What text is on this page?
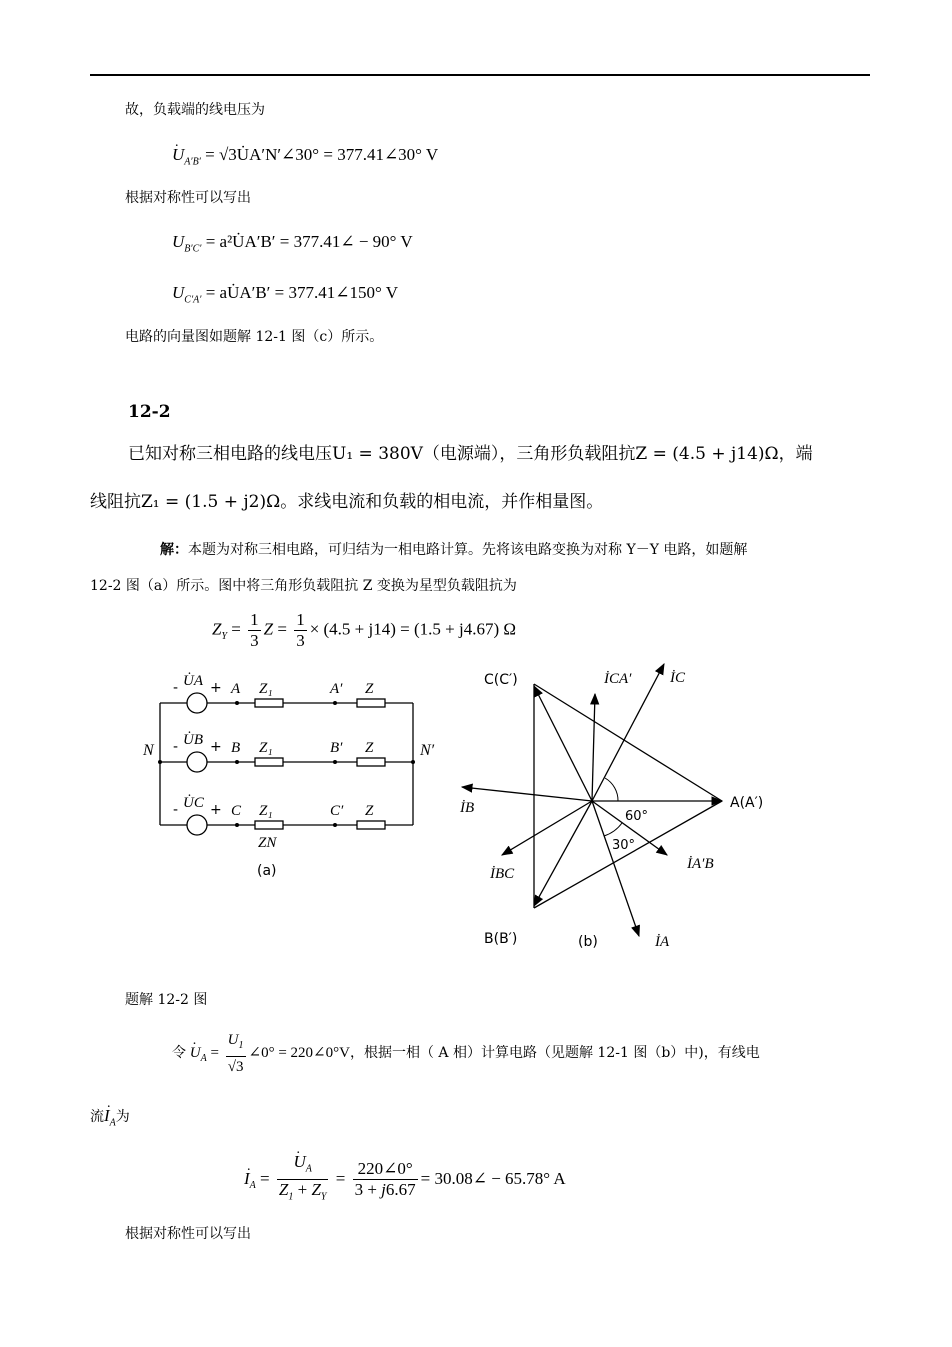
故，负载端的线电压为
. $U_{A'B'}$ = √3U̇A′N′∠30° = 377.41∠30° V
根据对称性可以写出
$U_{B'C'}$ = a²U̇A′B′ = 377.41∠ − 90° V
$U_{C'A'}$ = aU̇A′B′ = 377.41∠150° V
电路的向量图如题解 12-1 图（c）所示。
12-2
已知对称三相电路的线电压U₁ = 380V（电源端），三角形负载阻抗Z = (4.5 + j14)Ω，端
线阻抗Z₁ = (1.5 + j2)Ω。求线电流和负载的相电流，并作相量图。
解：本题为对称三相电路，可归结为一相电路计算。先将该电路变换为对称 Y－Y 电路，如题解
12-2 图（a）所示。图中将三角形负载阻抗 Z 变换为星型负载阻抗为
$Z_Y = \frac{1}{3}$ $Z = \frac{1}{3} \times (4.5 + j14) = (1.5 + j4.67)$ Ω
N	N′
-
-
-
+
+
+
U̇A
U̇B
U̇C
A
B
C
Z₁
Z₁
Z₁
A′
B′
C′
Z
Z
Z
ZN
(a)
C(C′)
A(A′)
B(B′)
İCA′	İC
İB
İBC
İA′B
İA
60°
30°
(b)
题解 12-2 图
令 . $U_A = \frac{U_1}{√3}$ ∠0° = 220∠0°V，根据一相（ A 相）计算电路（见题解 12-1 图（b）中)，有线电
流. $I_A$为
. $I_A$ = . $\frac{U_A}{Z_1 + Z_Y} = \frac{220\angle 0^\circ}{3 + j6.67}$ = 30.08∠ − 65.78° A
根据对称性可以写出
